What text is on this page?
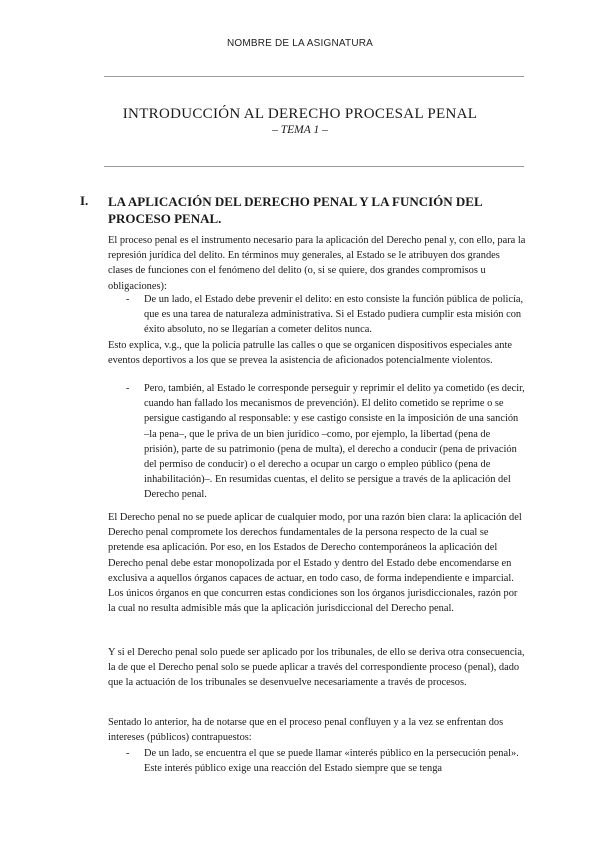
NOMBRE DE LA ASIGNATURA
INTRODUCCIÓN AL DERECHO PROCESAL PENAL
– TEMA 1 –
I. LA APLICACIÓN DEL DERECHO PENAL Y LA FUNCIÓN DEL PROCESO PENAL.

El proceso penal es el instrumento necesario para la aplicación del Derecho penal y, con ello, para la represión jurídica del delito. En términos muy generales, al Estado se le atribuyen dos grandes clases de funciones con el fenómeno del delito (o, si se quiere, dos grandes compromisos u obligaciones):

- De un lado, el Estado debe prevenir el delito: en esto consiste la función pública de policía, que es una tarea de naturaleza administrativa. Si el Estado pudiera cumplir esta misión con éxito absoluto, no se llegarían a cometer delitos nunca.

Esto explica, v.g., que la policía patrulle las calles o que se organicen dispositivos especiales ante eventos deportivos a los que se prevea la asistencia de aficionados potencialmente violentos.

- Pero, también, al Estado le corresponde perseguir y reprimir el delito ya cometido (es decir, cuando han fallado los mecanismos de prevención). El delito cometido se reprime o se persigue castigando al responsable: y ese castigo consiste en la imposición de una sanción –la pena–, que le priva de un bien jurídico –como, por ejemplo, la libertad (pena de prisión), parte de su patrimonio (pena de multa), el derecho a conducir (pena de privación del permiso de conducir) o el derecho a ocupar un cargo o empleo público (pena de inhabilitación)–. En resumidas cuentas, el delito se persigue a través de la aplicación del Derecho penal.

El Derecho penal no se puede aplicar de cualquier modo, por una razón bien clara: la aplicación del Derecho penal compromete los derechos fundamentales de la persona respecto de la cual se pretende esa aplicación. Por eso, en los Estados de Derecho contemporáneos la aplicación del Derecho penal debe estar monopolizada por el Estado y dentro del Estado debe encomendarse en exclusiva a aquellos órganos capaces de actuar, en todo caso, de forma independiente e imparcial. Los únicos órganos en que concurren estas condiciones son los órganos jurisdiccionales, razón por la cual no resulta admisible más que la aplicación jurisdiccional del Derecho penal.

Y si el Derecho penal solo puede ser aplicado por los tribunales, de ello se deriva otra consecuencia, la de que el Derecho penal solo se puede aplicar a través del correspondiente proceso (penal), dado que la actuación de los tribunales se desenvuelve necesariamente a través de procesos.

Sentado lo anterior, ha de notarse que en el proceso penal confluyen y a la vez se enfrentan dos intereses (públicos) contrapuestos:

- De un lado, se encuentra el que se puede llamar «interés público en la persecución penal». Este interés público exige una reacción del Estado siempre que se tenga
